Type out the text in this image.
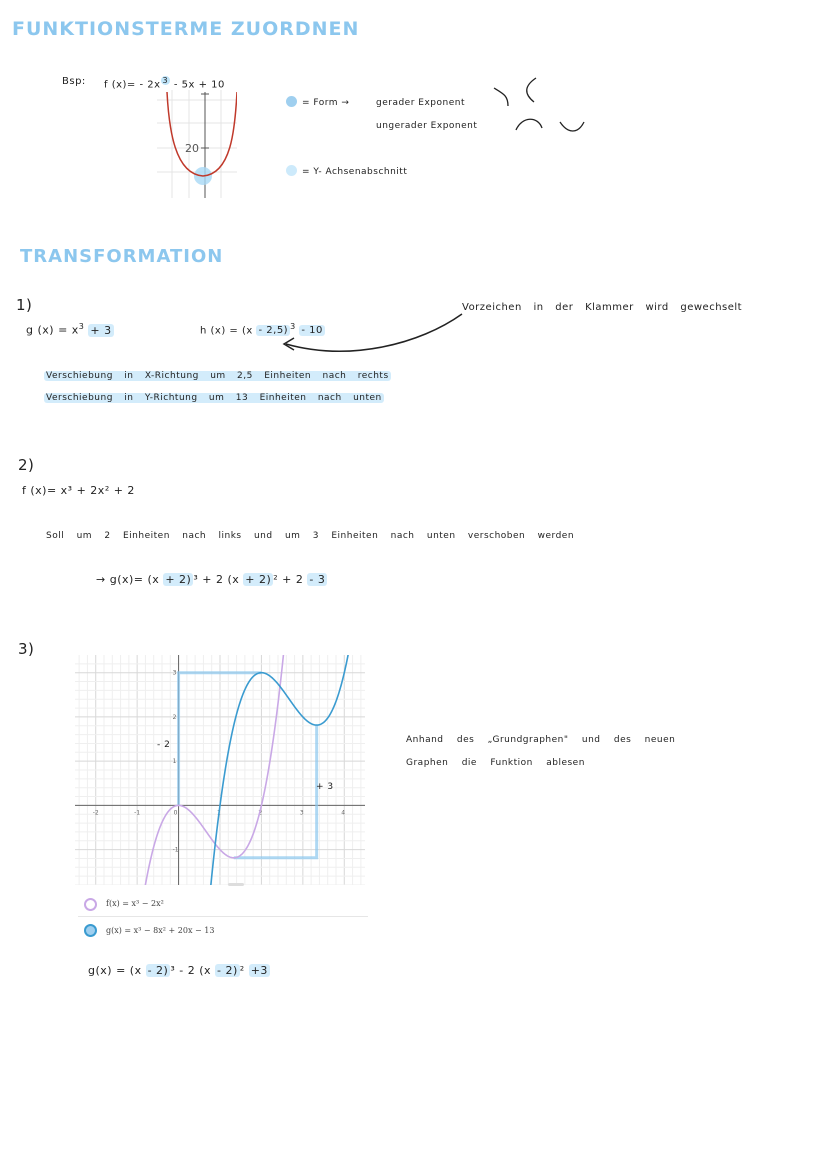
FUNKTIONSTERME ZUORDNEN
Bsp: f (x)= - 2x $^3$ - 5x + 10
20
= Form →	gerader Exponent
ungerader Exponent
= Y- Achsenabschnitt
TRANSFORMATION
1)
g $(x) = x^3 + 3$	h (x) = (x - 2,5) $^3$ - 10
Vorzeichen in der Klammer wird gewechselt
Verschiebung in X-Richtung um 2,5 Einheiten nach rechts
Verschiebung in Y-Richtung um 13 Einheiten nach unten
2)
f (x)= x³ + 2x² + 2
Soll um 2 Einheiten nach links und um 3 Einheiten nach unten verschoben werden
→ g(x)= (x + 2) ³ + 2 (x + 2) ² + 2 - 3
3)
-2	-1	0	1	2	3	4
3
2
1
-1
- 2
+ 3
Anhand des „Grundgraphen" und des neuen
Graphen die Funktion ablesen
f(x) = x³ − 2x²
g(x) = x³ − 8x² + 20x − 13
g(x) = (x - 2) ³ - 2 (x - 2) ² +3
